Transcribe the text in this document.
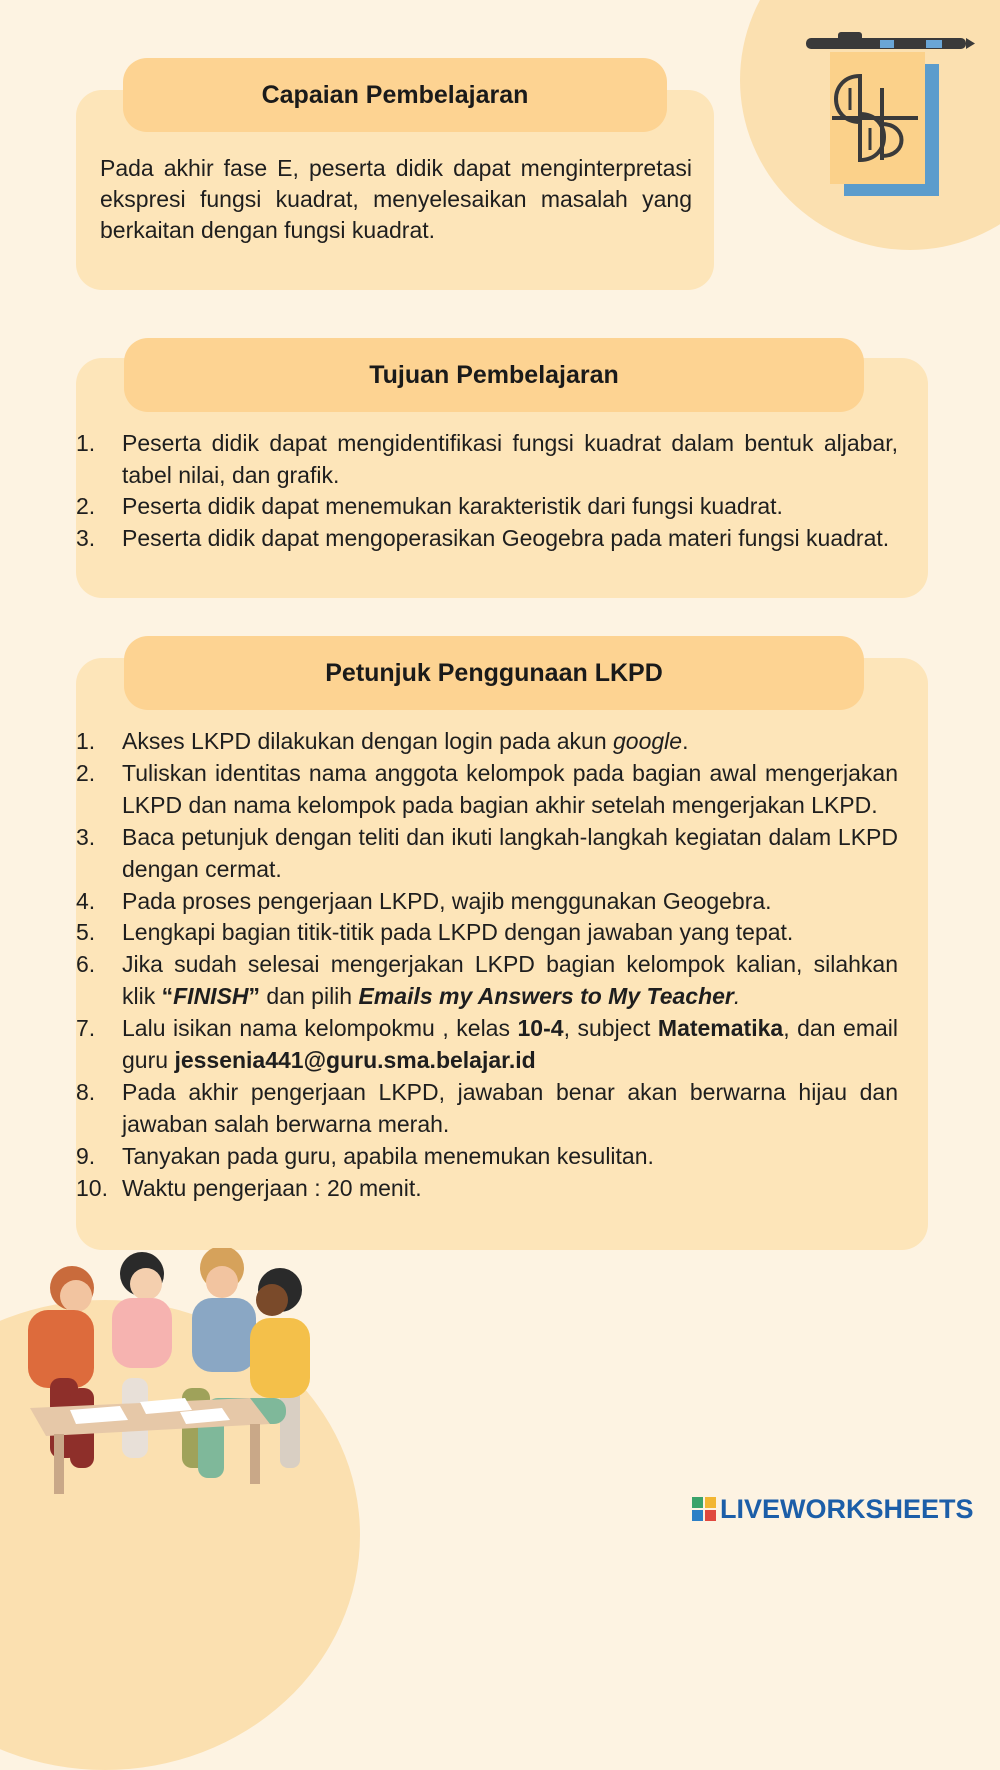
Capaian Pembelajaran
Pada akhir fase E, peserta didik dapat menginterpretasi ekspresi fungsi kuadrat, menyelesaikan masalah yang berkaitan dengan fungsi kuadrat.
Tujuan Pembelajaran
1.	Peserta didik dapat mengidentifikasi fungsi kuadrat dalam bentuk aljabar, tabel nilai, dan grafik.
2.	Peserta didik dapat menemukan karakteristik dari fungsi kuadrat.
3.	Peserta didik dapat mengoperasikan Geogebra pada materi fungsi kuadrat.
Petunjuk Penggunaan LKPD
1.	Akses LKPD dilakukan dengan login pada akun google.
2.	Tuliskan identitas nama anggota kelompok pada bagian awal mengerjakan LKPD dan nama kelompok pada bagian akhir setelah mengerjakan LKPD.
3.	Baca petunjuk dengan teliti dan ikuti langkah-langkah kegiatan dalam LKPD dengan cermat.
4.	Pada proses pengerjaan LKPD, wajib menggunakan Geogebra.
5.	Lengkapi bagian titik-titik pada LKPD dengan jawaban yang tepat.
6.	Jika sudah selesai mengerjakan LKPD bagian kelompok kalian, silahkan klik “FINISH” dan pilih Emails my Answers to My Teacher.
7.	Lalu isikan nama kelompokmu , kelas 10-4, subject Matematika, dan email guru jessenia441@guru.sma.belajar.id
8.	Pada akhir pengerjaan LKPD, jawaban benar akan berwarna hijau dan jawaban salah berwarna merah.
9.	Tanyakan pada guru, apabila menemukan kesulitan.
10. Waktu pengerjaan : 20 menit.
LIVEWORKSHEETS
